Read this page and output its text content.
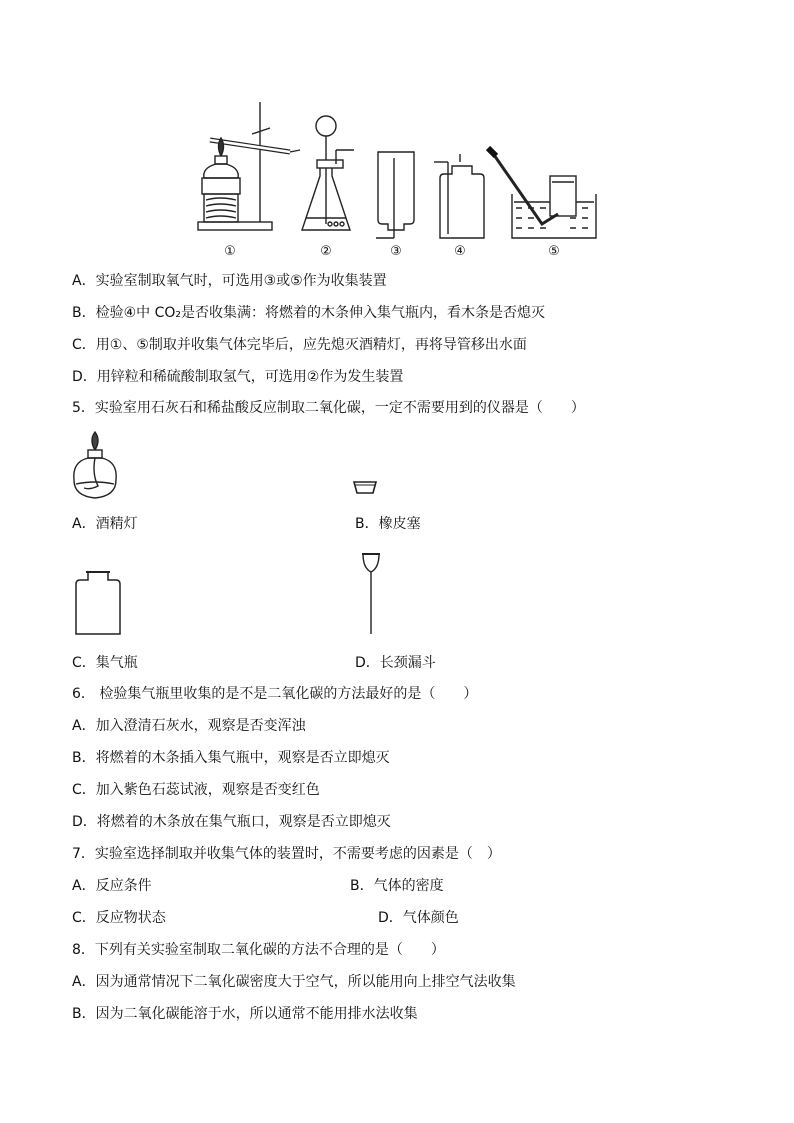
①	②	③	④	⑤
A．实验室制取氧气时，可选用③或⑤作为收集装置
B．检验④中 CO₂是否收集满：将燃着的木条伸入集气瓶内，看木条是否熄灭
C．用①、⑤制取并收集气体完毕后，应先熄灭酒精灯，再将导管移出水面
D．用锌粒和稀硫酸制取氢气，可选用②作为发生装置
5．实验室用石灰石和稀盐酸反应制取二氧化碳，一定不需要用到的仪器是（　　）
A．酒精灯	B．橡皮塞
C．集气瓶	D．长颈漏斗
6． 检验集气瓶里收集的是不是二氧化碳的方法最好的是（　　）
A．加入澄清石灰水，观察是否变浑浊
B．将燃着的木条插入集气瓶中，观察是否立即熄灭
C．加入紫色石蕊试液，观察是否变红色
D．将燃着的木条放在集气瓶口，观察是否立即熄灭
7．实验室选择制取并收集气体的装置时，不需要考虑的因素是（　）
A．反应条件	B．气体的密度
C．反应物状态	D．气体颜色
8．下列有关实验室制取二氧化碳的方法不合理的是（　　）
A．因为通常情况下二氧化碳密度大于空气，所以能用向上排空气法收集
B．因为二氧化碳能溶于水，所以通常不能用排水法收集
